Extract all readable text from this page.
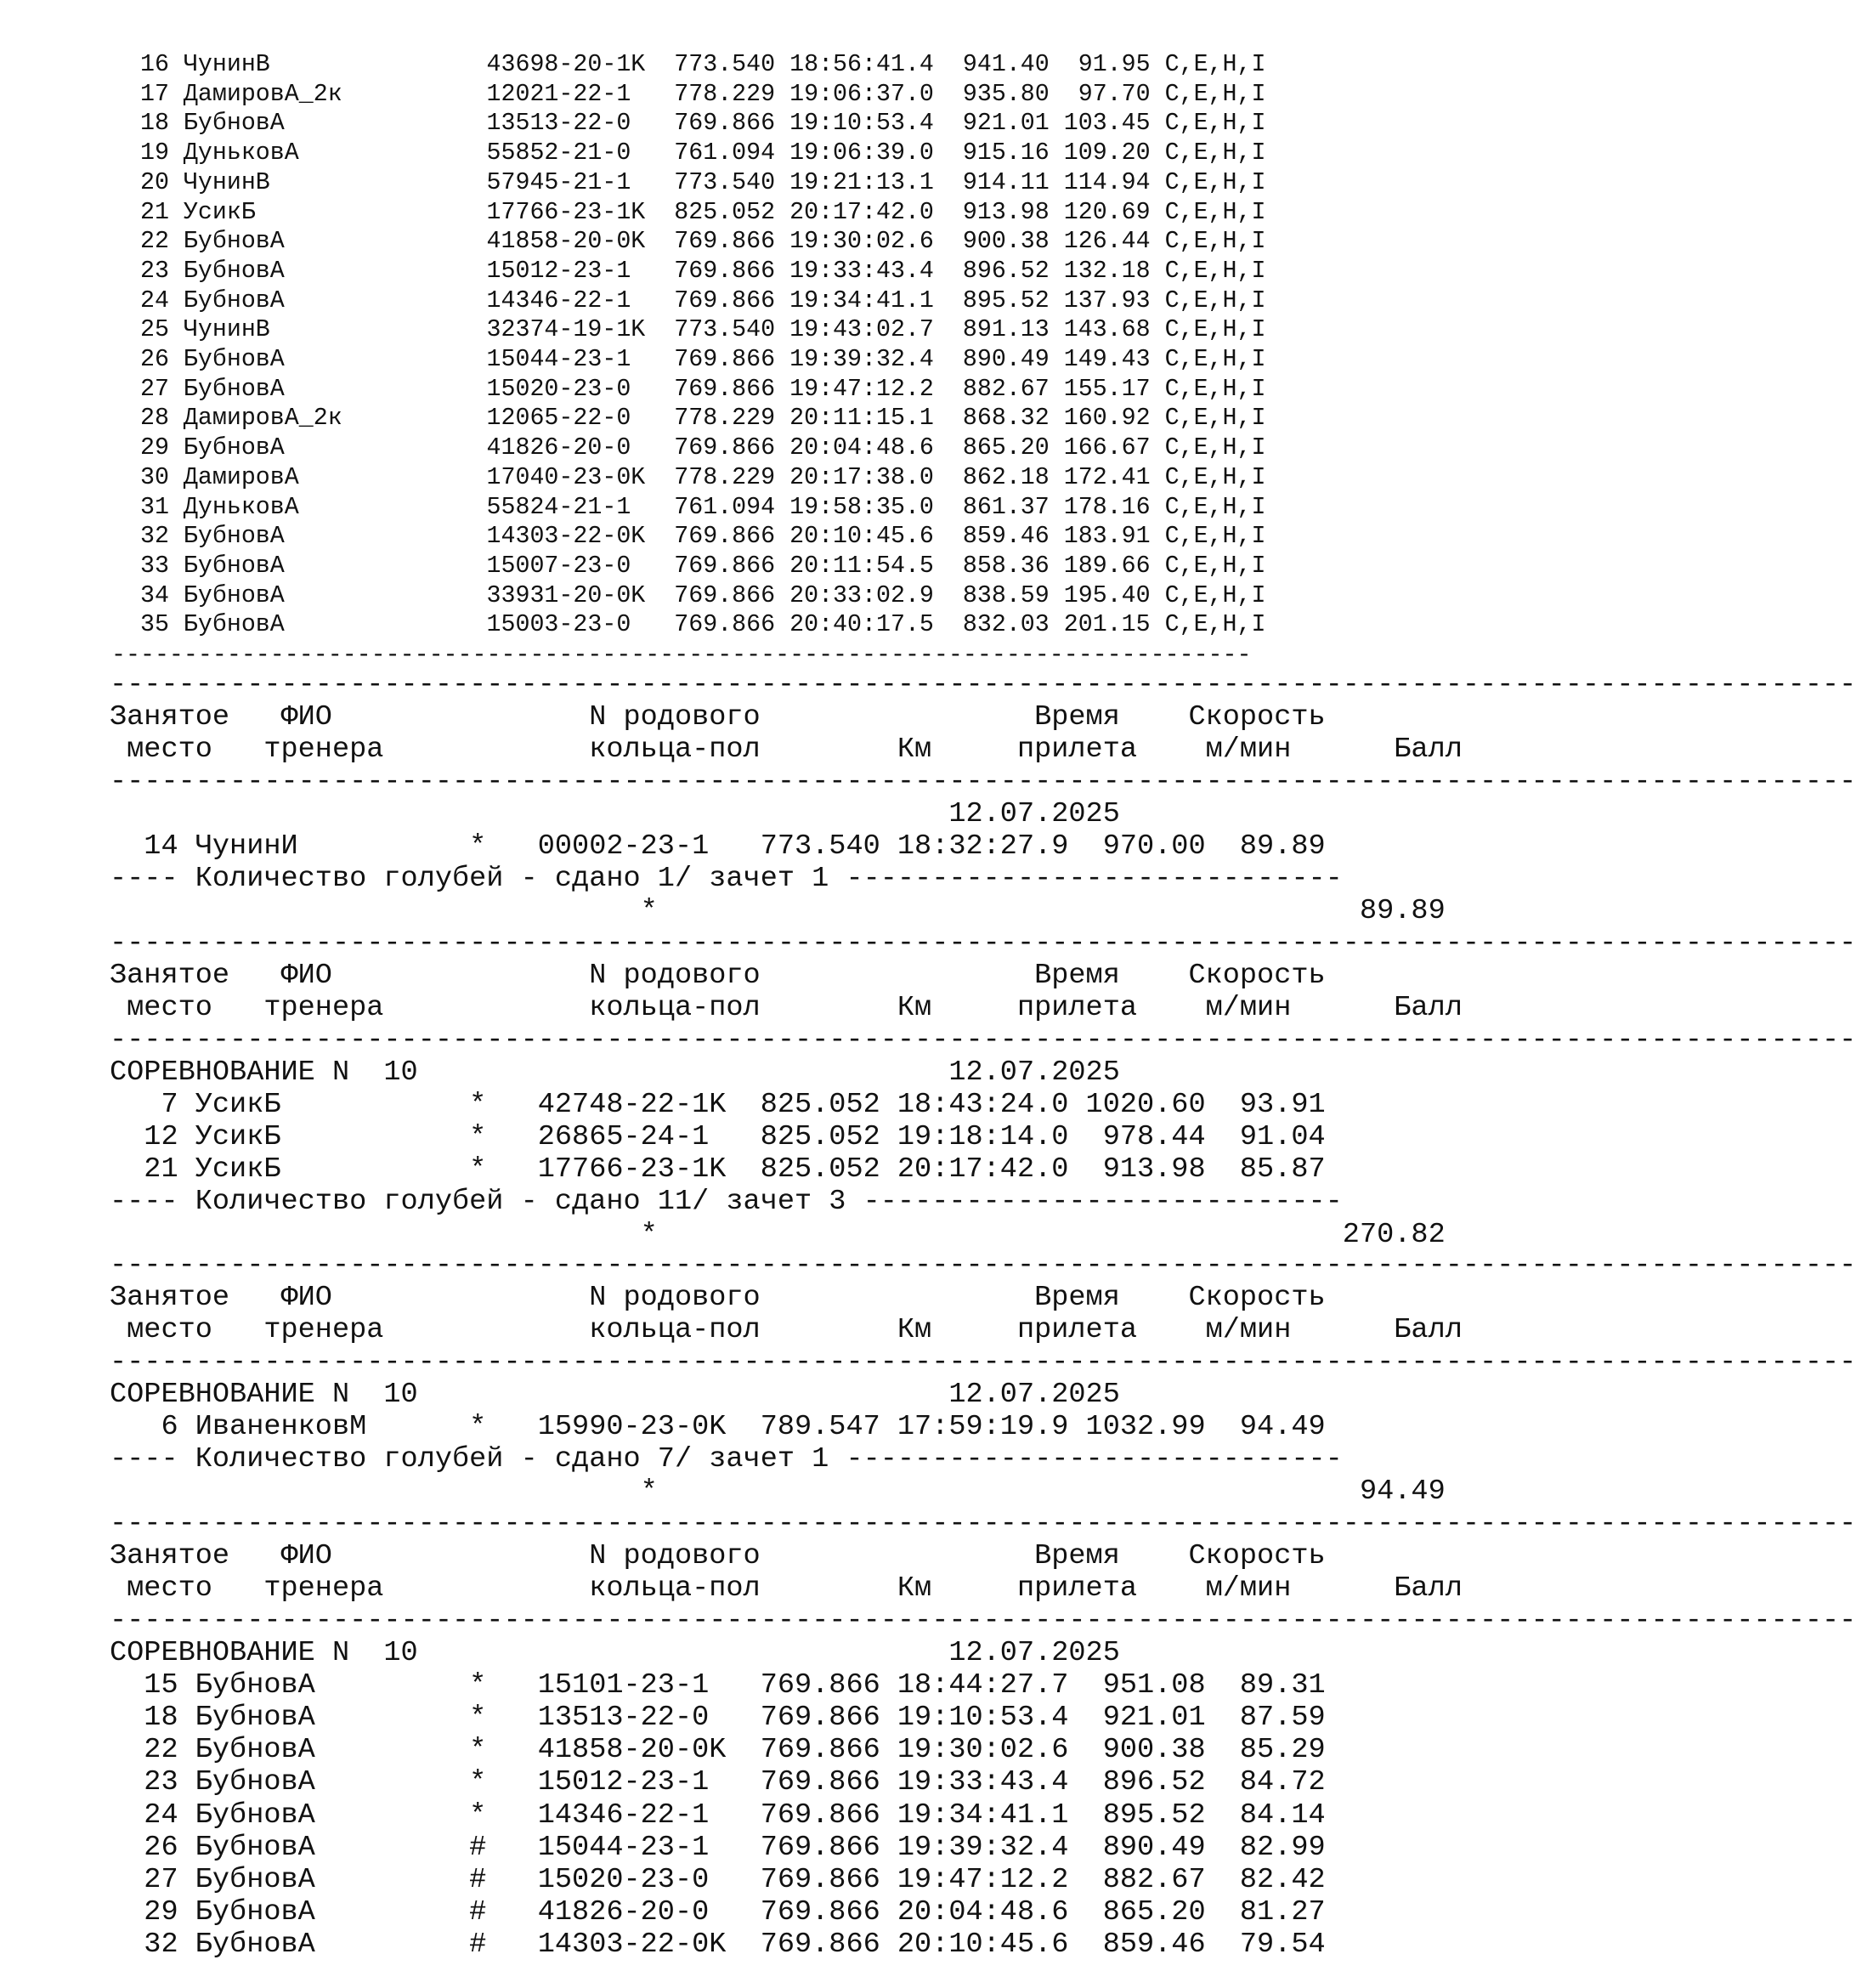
16 ЧунинВ               43698-20-1K  773.540 18:56:41.4  941.40  91.95 C,E,H,I
17 ДамировА_2к          12021-22-1   778.229 19:06:37.0  935.80  97.70 C,E,H,I
18 БубновА              13513-22-0   769.866 19:10:53.4  921.01 103.45 C,E,H,I
19 ДуньковА             55852-21-0   761.094 19:06:39.0  915.16 109.20 C,E,H,I
20 ЧунинВ               57945-21-1   773.540 19:21:13.1  914.11 114.94 C,E,H,I
21 УсикБ                17766-23-1K  825.052 20:17:42.0  913.98 120.69 C,E,H,I
22 БубновА              41858-20-0K  769.866 19:30:02.6  900.38 126.44 C,E,H,I
23 БубновА              15012-23-1   769.866 19:33:43.4  896.52 132.18 C,E,H,I
24 БубновА              14346-22-1   769.866 19:34:41.1  895.52 137.93 C,E,H,I
25 ЧунинВ               32374-19-1K  773.540 19:43:02.7  891.13 143.68 C,E,H,I
26 БубновА              15044-23-1   769.866 19:39:32.4  890.49 149.43 C,E,H,I
27 БубновА              15020-23-0   769.866 19:47:12.2  882.67 155.17 C,E,H,I
28 ДамировА_2к          12065-22-0   778.229 20:11:15.1  868.32 160.92 C,E,H,I
29 БубновА              41826-20-0   769.866 20:04:48.6  865.20 166.67 C,E,H,I
30 ДамировА             17040-23-0K  778.229 20:17:38.0  862.18 172.41 C,E,H,I
31 ДуньковА             55824-21-1   761.094 19:58:35.0  861.37 178.16 C,E,H,I
32 БубновА              14303-22-0K  769.866 20:10:45.6  859.46 183.91 C,E,H,I
33 БубновА              15007-23-0   769.866 20:11:54.5  858.36 189.66 C,E,H,I
34 БубновА              33931-20-0K  769.866 20:33:02.9  838.59 195.40 C,E,H,I
35 БубновА              15003-23-0   769.866 20:40:17.5  832.03 201.15 C,E,H,I
-------------------------------------------------------------------------------
------------------------------------------------------------------------------------------------------
Занятое   ФИО               N родового                Время    Скорость
место   тренера            кольца-пол        Км     прилета    м/мин      Балл
------------------------------------------------------------------------------------------------------
12.07.2025
14 ЧунинИ          *   00002-23-1   773.540 18:32:27.9  970.00  89.89
---- Количество голубей - сдано 1/ зачет 1 -----------------------------
*                                         89.89
------------------------------------------------------------------------------------------------------
Занятое   ФИО               N родового                Время    Скорость
место   тренера            кольца-пол        Км     прилета    м/мин      Балл
------------------------------------------------------------------------------------------------------
СОРЕВНОВАНИЕ N  10                               12.07.2025
7 УсикБ           *   42748-22-1K  825.052 18:43:24.0 1020.60  93.91
12 УсикБ           *   26865-24-1   825.052 19:18:14.0  978.44  91.04
21 УсикБ           *   17766-23-1K  825.052 20:17:42.0  913.98  85.87
---- Количество голубей - сдано 11/ зачет 3 ----------------------------
*                                        270.82
------------------------------------------------------------------------------------------------------
Занятое   ФИО               N родового                Время    Скорость
место   тренера            кольца-пол        Км     прилета    м/мин      Балл
------------------------------------------------------------------------------------------------------
СОРЕВНОВАНИЕ N  10                               12.07.2025
6 ИваненковМ      *   15990-23-0K  789.547 17:59:19.9 1032.99  94.49
---- Количество голубей - сдано 7/ зачет 1 -----------------------------
*                                         94.49
------------------------------------------------------------------------------------------------------
Занятое   ФИО               N родового                Время    Скорость
место   тренера            кольца-пол        Км     прилета    м/мин      Балл
------------------------------------------------------------------------------------------------------
СОРЕВНОВАНИЕ N  10                               12.07.2025
15 БубновА         *   15101-23-1   769.866 18:44:27.7  951.08  89.31
18 БубновА         *   13513-22-0   769.866 19:10:53.4  921.01  87.59
22 БубновА         *   41858-20-0K  769.866 19:30:02.6  900.38  85.29
23 БубновА         *   15012-23-1   769.866 19:33:43.4  896.52  84.72
24 БубновА         *   14346-22-1   769.866 19:34:41.1  895.52  84.14
26 БубновА         #   15044-23-1   769.866 19:39:32.4  890.49  82.99
27 БубновА         #   15020-23-0   769.866 19:47:12.2  882.67  82.42
29 БубновА         #   41826-20-0   769.866 20:04:48.6  865.20  81.27
32 БубновА         #   14303-22-0K  769.866 20:10:45.6  859.46  79.54
